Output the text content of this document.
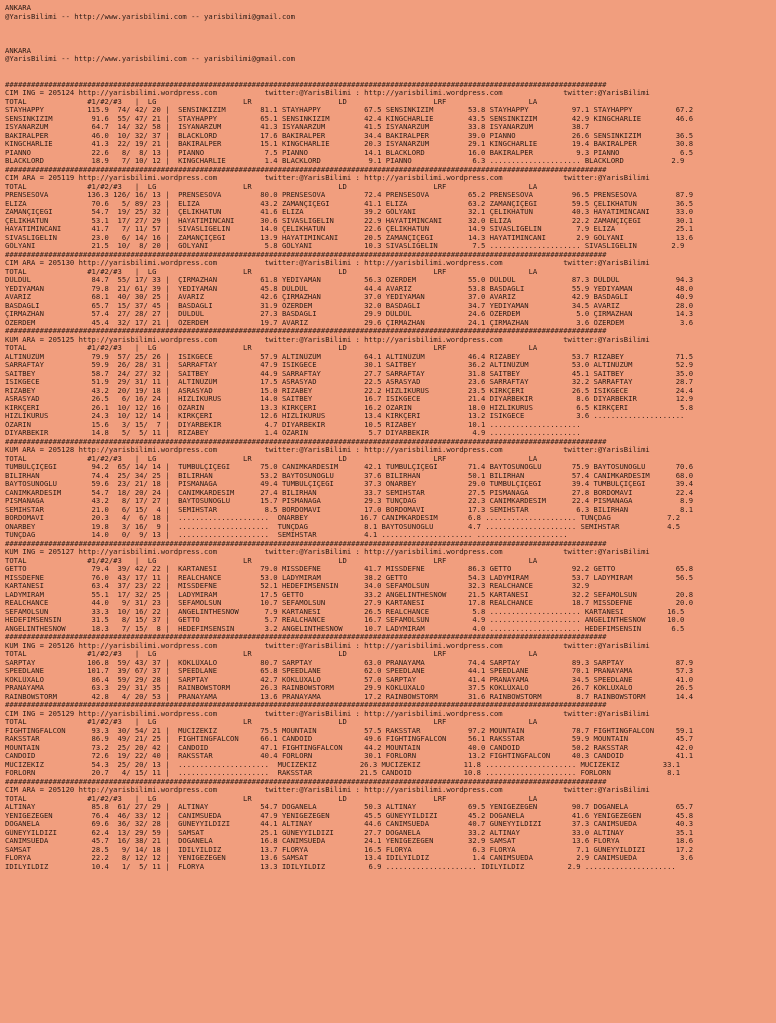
ANKARA
@YarisBilimi -- http://www.yarisbilimi.com -- yarisbilimi@gmail.com
ANKARA
@YarisBilimi -- http://www.yarisbilimi.com -- yarisbilimi@gmail.com
###########################################################################################################################################
CIM ING = 205124 http://yarisbilimi.wordpress.com           twitter:@YarisBilimi : http://yarisbilimi.wordpress.com              twitter:@YarisBilimi
TOTAL              #1/#2/#3   |  LG                    LR                    LD                    LRF                   LA
STAYHAPPY          115.9  74/ 42/ 20 |  SENSINKIZIM        81.1 STAYHAPPY          67.5 SENSINKIZIM        53.8 STAYHAPPY          97.1 STAYHAPPY          67.2
SENSINKIZIM         91.6  55/ 47/ 21 |  STAYHAPPY          65.1 SENSINKIZIM        42.4 KINGCHARLIE        43.5 SENSINKIZIM        42.9 KINGCHARLIE        46.6
ISYANARZUM          64.7  14/ 32/ 58 |  ISYANARZUM         41.3 ISYANARZUM         41.5 ISYANARZUM         33.8 ISYANARZUM         38.7
BAKIRALPER          46.0  10/ 32/ 37 |  BLACKLORD          17.6 BAKIRALPER         34.4 BAKIRALPER         39.0 PIANNO             26.6 SENSINKIZIM        36.5
KINGCHARLIE         41.3  22/ 19/ 21 |  BAKIRALPER         15.1 KINGCHARLIE        20.3 ISYANARZUM         29.1 KINGCHARLIE        19.4 BAKIRALPER         30.8
PIANNO              22.6   8/  8/ 13 |  PIANNO              7.5 PIANNO             14.1 BLACKLORD          16.0 BAKIRALPER          9.3 PIANNO              6.5
BLACKLORD           18.9   7/ 10/ 12 |  KINGCHARLIE         1.4 BLACKLORD           9.1 PIANNO              6.3 ..................... BLACKLORD           2.9
###########################################################################################################################################
CIM ARA = 205119 http://yarisbilimi.wordpress.com           twitter:@YarisBilimi : http://yarisbilimi.wordpress.com              twitter:@YarisBilimi
TOTAL              #1/#2/#3   |  LG                    LR                    LD                    LRF                   LA
PRENSESOVA         136.3 126/ 16/ 13 |  PRENSESOVA         80.0 PRENSESOVA         72.4 PRENSESOVA         65.2 PRENSESOVA         96.5 PRENSESOVA         87.9
ELIZA               70.6   5/ 89/ 23 |  ELIZA              43.2 ZAMANÇIÇEGI        41.1 ELIZA              63.2 ZAMANÇIÇEGI        59.5 ÇELIKHATUN         36.5
ZAMANÇIÇEGI         54.7  19/ 25/ 32 |  ÇELIKHATUN         41.6 ELIZA              39.2 GÖLYANI            32.1 ÇELIKHATUN         40.3 HAYATIMINCANI      33.0
ÇELIKHATUN          53.1  17/ 27/ 29 |  HAYATIMINCANI      30.6 SIVASLIGELIN       22.9 HAYATIMINCANI      32.0 ELIZA              22.2 ZAMANÇIÇEGI        30.1
HAYATIMINCANI       41.7   7/ 11/ 57 |  SIVASLIGELIN       14.0 ÇELIKHATUN         22.6 ÇELIKHATUN         14.9 SIVASLIGELIN        7.9 ELIZA              25.1
SIVASLIGELIN        23.0   6/ 14/ 16 |  ZAMANÇIÇEGI        13.9 HAYATIMINCANI      20.5 ZAMANÇIÇEGI        14.3 HAYATIMINCANI       2.9 GÖLYANI            13.6
GÖLYANI             21.5  10/  8/ 20 |  GÖLYANI             5.8 GÖLYANI            10.3 SIVASLIGELIN        7.5 ..................... SIVASLIGELIN        2.9
###########################################################################################################################################
CIM ARA = 205130 http://yarisbilimi.wordpress.com           twitter:@YarisBilimi : http://yarisbilimi.wordpress.com              twitter:@YarisBilimi
TOTAL              #1/#2/#3   |  LG                    LR                    LD                    LRF                   LA
DÜLDÜL              84.7  55/ 17/ 33 |  ÇIRMAZHAN          61.8 YEDIYAMAN          56.3 ÖZERDEM            55.0 DÜLDÜL             87.3 DÜLDÜL             94.3
YEDIYAMAN           79.8  21/ 61/ 39 |  YEDIYAMAN          45.8 DÜLDÜL             44.4 AVARIZ             53.8 BASDAGLI           55.9 YEDIYAMAN          48.0
AVARIZ              68.1  40/ 30/ 25 |  AVARIZ             42.6 ÇIRMAZHAN          37.0 YEDIYAMAN          37.0 AVARIZ             42.9 BASDAGLI           40.9
BASDAGLI            65.7  15/ 37/ 45 |  BASDAGLI           31.9 ÖZERDEM            32.0 BASDAGLI           34.7 YEDIYAMAN          34.5 AVARIZ             28.0
ÇIRMAZHAN           57.4  27/ 28/ 27 |  DÜLDÜL             27.3 BASDAGLI           29.9 DÜLDÜL             24.6 ÖZERDEM             5.0 ÇIRMAZHAN          14.3
ÖZERDEM             45.4  32/ 17/ 21 |  ÖZERDEM            19.7 AVARIZ             29.6 ÇIRMAZHAN          24.1 ÇIRMAZHAN           3.6 ÖZERDEM             3.6
###########################################################################################################################################
KUM ARA = 205125 http://yarisbilimi.wordpress.com           twitter:@YarisBilimi : http://yarisbilimi.wordpress.com              twitter:@YarisBilimi
TOTAL              #1/#2/#3   |  LG                    LR                    LD                    LRF                   LA
ALTINÜZÜM           79.9  57/ 25/ 26 |  ISIKGECE           57.9 ALTINÜZÜM          64.1 ALTINÜZÜM          46.4 RIZABEY            53.7 RIZABEY            71.5
SARRAFTAY           59.9  26/ 28/ 31 |  SARRAFTAY          47.9 ISIKGECE           30.1 SAITBEY            36.2 ALTINÜZÜM          53.0 ALTINÜZÜM          52.9
SAITBEY             58.7  24/ 27/ 32 |  SAITBEY            44.9 SARRAFTAY          27.7 SARRAFTAY          31.8 SAITBEY            45.1 SAITBEY            35.0
ISIKGECE            51.9  29/ 31/ 11 |  ALTINÜZÜM          17.5 ASRASYAD           22.5 ASRASYAD           23.6 SARRAFTAY          32.2 SARRAFTAY          28.7
RIZABEY             43.2  20/ 19/ 18 |  ASRASYAD           15.0 RIZABEY            22.2 HIZLIKURUS         23.5 KIRKÇERI           26.5 ISIKGECE           24.4
ASRASYAD            26.5   6/ 16/ 24 |  HIZLIKURUS         14.0 SAITBEY            16.7 ISIKGECE           21.4 DIYARBEKIR          8.6 DIYARBEKIR         12.9
KIRKÇERI            26.1  10/ 12/ 16 |  ÖZARIN             13.3 KIRKÇERI           16.2 ÖZARIN             18.0 HIZLIKURUS          6.5 KIRKÇERI            5.8
HIZLIKURUS          24.3  10/ 12/ 14 |  KIRKÇERI           12.6 HIZLIKURUS         13.4 KIRKÇERI           13.2 ISIKGECE            3.6 .....................
ÖZARIN              15.6   3/ 15/  7 |  DIYARBEKIR          4.7 DIYARBEKIR         10.5 RIZABEY            10.1 .....................
DIYARBEKIR          14.8   5/  5/ 11 |  RIZABEY             1.4 ÖZARIN              5.7 DIYARBEKIR          4.9 .....................
###########################################################################################################################################
KUM ARA = 205128 http://yarisbilimi.wordpress.com           twitter:@YarisBilimi : http://yarisbilimi.wordpress.com              twitter:@YarisBilimi
TOTAL              #1/#2/#3   |  LG                    LR                    LD                    LRF                   LA
TUMBULÇIÇEGI        94.2  65/ 14/ 14 |  TUMBULÇIÇEGI       75.0 CANIMKARDESIM      42.1 TUMBULÇIÇEGI       71.4 BAYTOSUNOGLU       75.9 BAYTOSUNOGLU       70.6
BILIRHAN            74.4  25/ 34/ 25 |  BILIRHAN           53.2 BAYTOSUNOGLU       37.6 BILIRHAN           50.1 BILIRHAN           57.4 CANIMKARDESIM      68.0
BAYTOSUNOGLU        59.6  23/ 21/ 18 |  PISMANAGA          49.4 TUMBULÇIÇEGI       37.3 ONARBEY            29.0 TUMBULÇIÇEGI       39.4 TUMBULÇIÇEGI       39.4
CANIMKARDESIM       54.7  18/ 20/ 24 |  CANIMKARDESIM      27.4 BILIRHAN           33.7 SEMIHSTAR          27.5 PISMANAGA          27.8 BORDOMAVI          22.4
PISMANAGA           43.2   8/ 17/ 27 |  BAYTOSUNOGLU       15.7 PISMANAGA          29.3 TUNÇDAG            22.3 CANIMKARDESIM      22.4 PISMANAGA           8.9
SEMIHSTAR           21.0   6/ 15/  4 |  SEMIHSTAR           8.5 BORDOMAVI          17.0 BORDOMAVI          17.3 SEMIHSTAR           6.3 BILIRHAN            8.1
BORDOMAVI           20.3   4/  6/ 18 |  .....................  ONARBEY            16.7 CANIMKARDESIM       6.8 ..................... TUNÇDAG             7.2
ONARBEY             19.8   3/ 16/  9 |  .....................  TUNÇDAG             8.1 BAYTOSUNOGLU        4.7 ..................... SEMIHSTAR           4.5
TUNÇDAG             14.0   0/  9/ 13 |  .....................  SEMIHSTAR           4.1 ..................... .....................
###########################################################################################################################################
KUM ING = 205127 http://yarisbilimi.wordpress.com           twitter:@YarisBilimi : http://yarisbilimi.wordpress.com              twitter:@YarisBilimi
TOTAL              #1/#2/#3   |  LG                    LR                    LD                    LRF                   LA
GETTO               79.4  39/ 42/ 22 |  KARTANESI          79.0 MISSDEFNE          41.7 MISSDEFNE          86.3 GETTO              92.2 GETTO              65.8
MISSDEFNE           76.0  43/ 17/ 11 |  REALCHANCE         53.0 LADYMIRAM          38.2 GETTO              54.3 LADYMIRAM          53.7 LADYMIRAM          56.5
KARTANESI           63.4  37/ 23/ 22 |  MISSDEFNE          52.1 HEDEFIMSENSIN      34.0 SEFAMOLSUN         32.3 REALCHANCE         32.9
LADYMIRAM           55.1  17/ 32/ 25 |  LADYMIRAM          17.5 GETTO              33.2 ANGELINTHESNOW     21.5 KARTANESI          32.2 SEFAMOLSUN         20.8
REALCHANCE          44.0   9/ 31/ 23 |  SEFAMOLSUN         10.7 SEFAMOLSUN         27.9 KARTANESI          17.8 REALCHANCE         18.7 MISSDEFNE          20.0
SEFAMOLSUN          33.3  10/ 16/ 22 |  ANGELINTHESNOW      7.9 KARTANESI          26.5 REALCHANCE          5.8 ..................... KARTANESI          16.5
HEDEFIMSENSIN       31.5   8/ 15/ 37 |  GETTO               5.7 REALCHANCE         16.7 SEFAMOLSUN          4.9 ..................... ANGELINTHESNOW     10.0
ANGELINTHESNOW      18.3   7/ 15/  8 |  HEDEFIMSENSIN       3.2 ANGELINTHESNOW     10.7 LADYMIRAM           4.0 ..................... HEDEFIMSENSIN       6.5
###########################################################################################################################################
KUM ING = 205126 http://yarisbilimi.wordpress.com           twitter:@YarisBilimi : http://yarisbilimi.wordpress.com              twitter:@YarisBilimi
TOTAL              #1/#2/#3   |  LG                    LR                    LD                    LRF                   LA
SARPTAY            106.8  59/ 43/ 37 |  KÖKLÜXALO          80.7 SARPTAY            63.0 PRANAYAMA          74.4 SARPTAY            89.3 SARPTAY            87.9
SPEEDLANE          101.7  39/ 67/ 37 |  SPEEDLANE          65.8 SPEEDLANE          62.0 SPEEDLANE          44.1 SPEEDLANE          70.1 PRANAYAMA          57.3
KÖKLÜXALO           86.4  59/ 29/ 28 |  SARPTAY            42.7 KÖKLÜXALO          57.0 SARPTAY            41.4 PRANAYAMA          34.5 SPEEDLANE          41.0
PRANAYAMA           63.3  29/ 31/ 35 |  RAINBOWSTORM       26.3 RAINBOWSTORM       29.9 KÖKLÜXALO          37.5 KÖKLÜXALO          26.7 KÖKLÜXALO          26.5
RAINBOWSTORM        42.8   4/ 20/ 53 |  PRANAYAMA          13.6 PRANAYAMA          17.2 RAINBOWSTORM       31.6 RAINBOWSTORM        8.7 RAINBOWSTORM       14.4
###########################################################################################################################################
CIM ING = 205129 http://yarisbilimi.wordpress.com           twitter:@YarisBilimi : http://yarisbilimi.wordpress.com              twitter:@YarisBilimi
TOTAL              #1/#2/#3   |  LG                    LR                    LD                    LRF                   LA
FIGHTINGFALCON      93.3  30/ 54/ 21 |  MUCIZEKIZ          75.5 MOUNTAIN           57.5 RAKSSTAR           97.2 MOUNTAIN           78.7 FIGHTINGFALCON     59.1
RAKSSTAR            86.9  49/ 21/ 25 |  FIGHTINGFALCON     66.1 CANDOID            49.6 FIGHTINGFALCON     56.1 RAKSSTAR           59.9 MOUNTAIN           45.7
MOUNTAIN            73.2  25/ 20/ 42 |  CANDOID            47.1 FIGHTINGFALCON     44.2 MOUNTAIN           40.0 CANDOID            50.2 RAKSSTAR           42.0
CANDOID             72.6  19/ 22/ 40 |  RAKSSTAR           40.4 FORLORN            30.1 FORLORN            13.2 FIGHTINGFALCON     40.3 CANDOID            41.1
MUCIZEKIZ           54.3  25/ 20/ 13 |  .....................  MUCIZEKIZ          26.3 MUCIZEKIZ          11.8 ..................... MUCIZEKIZ          33.1
FORLORN             20.7   4/ 15/ 11 |  .....................  RAKSSTAR           21.5 CANDOID            10.8 ..................... FORLORN             8.1
###########################################################################################################################################
CIM ARA = 205120 http://yarisbilimi.wordpress.com           twitter:@YarisBilimi : http://yarisbilimi.wordpress.com              twitter:@YarisBilimi
TOTAL              #1/#2/#3   |  LG                    LR                    LD                    LRF                   LA
ALTINAY             85.8  61/ 27/ 29 |  ALTINAY            54.7 DOGANELA           50.3 ALTINAY            69.5 YENIGEZEGEN        90.7 DOGANELA           65.7
YENIGEZEGEN         76.4  46/ 33/ 12 |  CANIMSUEDA         47.9 YENIGEZEGEN        45.5 GÜNEYYILDIZI       45.2 DOGANELA           41.6 YENIGEZEGEN        45.8
DOGANELA            69.6  36/ 32/ 28 |  GÜNEYYILDIZI       44.1 ALTINAY            44.6 CANIMSUEDA         40.7 GÜNEYYILDIZI       37.3 CANIMSUEDA         40.3
GÜNEYYILDIZI        62.4  13/ 29/ 59 |  SAMSAT             25.1 GÜNEYYILDIZI       27.7 DOGANELA           33.2 ALTINAY            33.0 ALTINAY            35.1
CANIMSUEDA          45.7  16/ 38/ 21 |  DOGANELA           16.8 CANIMSUEDA         24.1 YENIGEZEGEN        32.9 SAMSAT             13.6 FLORYA             18.6
SAMSAT              28.5   9/ 14/ 18 |  IDILYILDIZ         13.7 FLORYA             16.5 FLORYA              6.3 FLORYA              7.1 GÜNEYYILDIZI       17.2
FLORYA              22.2   8/ 12/ 12 |  YENIGEZEGEN        13.6 SAMSAT             13.4 IDILYILDIZ          1.4 CANIMSUEDA          2.9 CANIMSUEDA          3.6
IDILYILDIZ          10.4   1/  5/ 11 |  FLORYA             13.3 IDILYILDIZ          6.9 ..................... IDILYILDIZ          2.9 .....................
